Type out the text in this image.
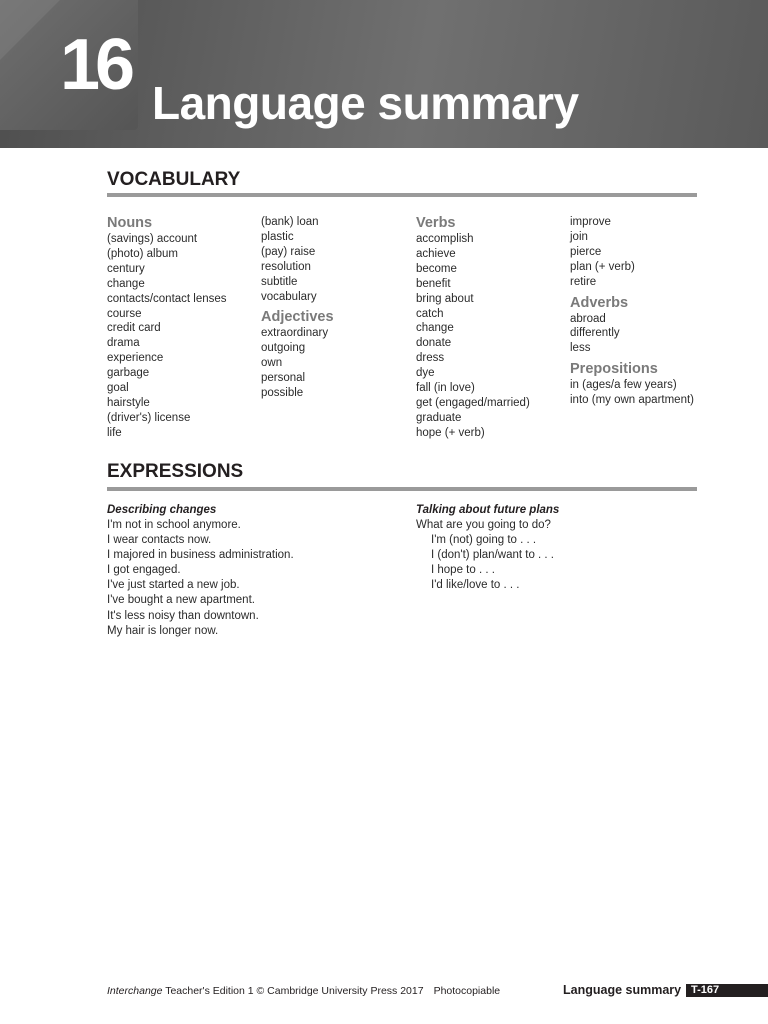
16 Language summary
VOCABULARY
Nouns
(savings) account
(photo) album
century
change
contacts/contact lenses
course
credit card
drama
experience
garbage
goal
hairstyle
(driver's) license
life
(bank) loan
plastic
(pay) raise
resolution
subtitle
vocabulary
Adjectives
extraordinary
outgoing
own
personal
possible
Verbs
accomplish
achieve
become
benefit
bring about
catch
change
donate
dress
dye
fall (in love)
get (engaged/married)
graduate
hope (+ verb)
improve
join
pierce
plan (+ verb)
retire
Adverbs
abroad
differently
less
Prepositions
in (ages/a few years)
into (my own apartment)
EXPRESSIONS
Describing changes
I'm not in school anymore.
I wear contacts now.
I majored in business administration.
I got engaged.
I've just started a new job.
I've bought a new apartment.
It's less noisy than downtown.
My hair is longer now.
Talking about future plans
What are you going to do?
I'm (not) going to . . .
I (don't) plan/want to . . .
I hope to . . .
I'd like/love to . . .
Interchange Teacher's Edition 1 © Cambridge University Press 2017 Photocopiable	Language summary T-167
